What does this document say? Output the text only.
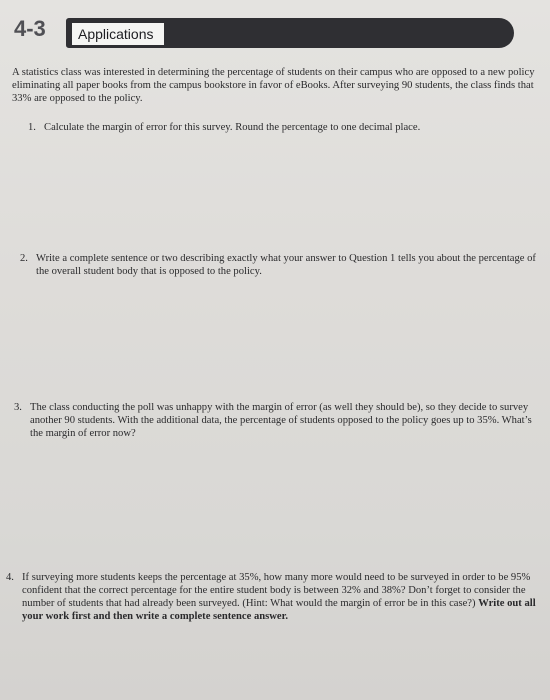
4-3	Applications

A statistics class was interested in determining the percentage of students on their campus who are opposed to a new policy eliminating all paper books from the campus bookstore in favor of eBooks. After surveying 90 students, the class finds that 33% are opposed to the policy.

1. Calculate the margin of error for this survey. Round the percentage to one decimal place.
2. Write a complete sentence or two describing exactly what your answer to Question 1 tells you about the percentage of the overall student body that is opposed to the policy.
3. The class conducting the poll was unhappy with the margin of error (as well they should be), so they decide to survey another 90 students. With the additional data, the percentage of students opposed to the policy goes up to 35%. What’s the margin of error now?
4. If surveying more students keeps the percentage at 35%, how many more would need to be surveyed in order to be 95% confident that the correct percentage for the entire student body is between 32% and 38%? Don’t forget to consider the number of students that had already been surveyed. (Hint: What would the margin of error be in this case?) Write out all your work first and then write a complete sentence answer.
